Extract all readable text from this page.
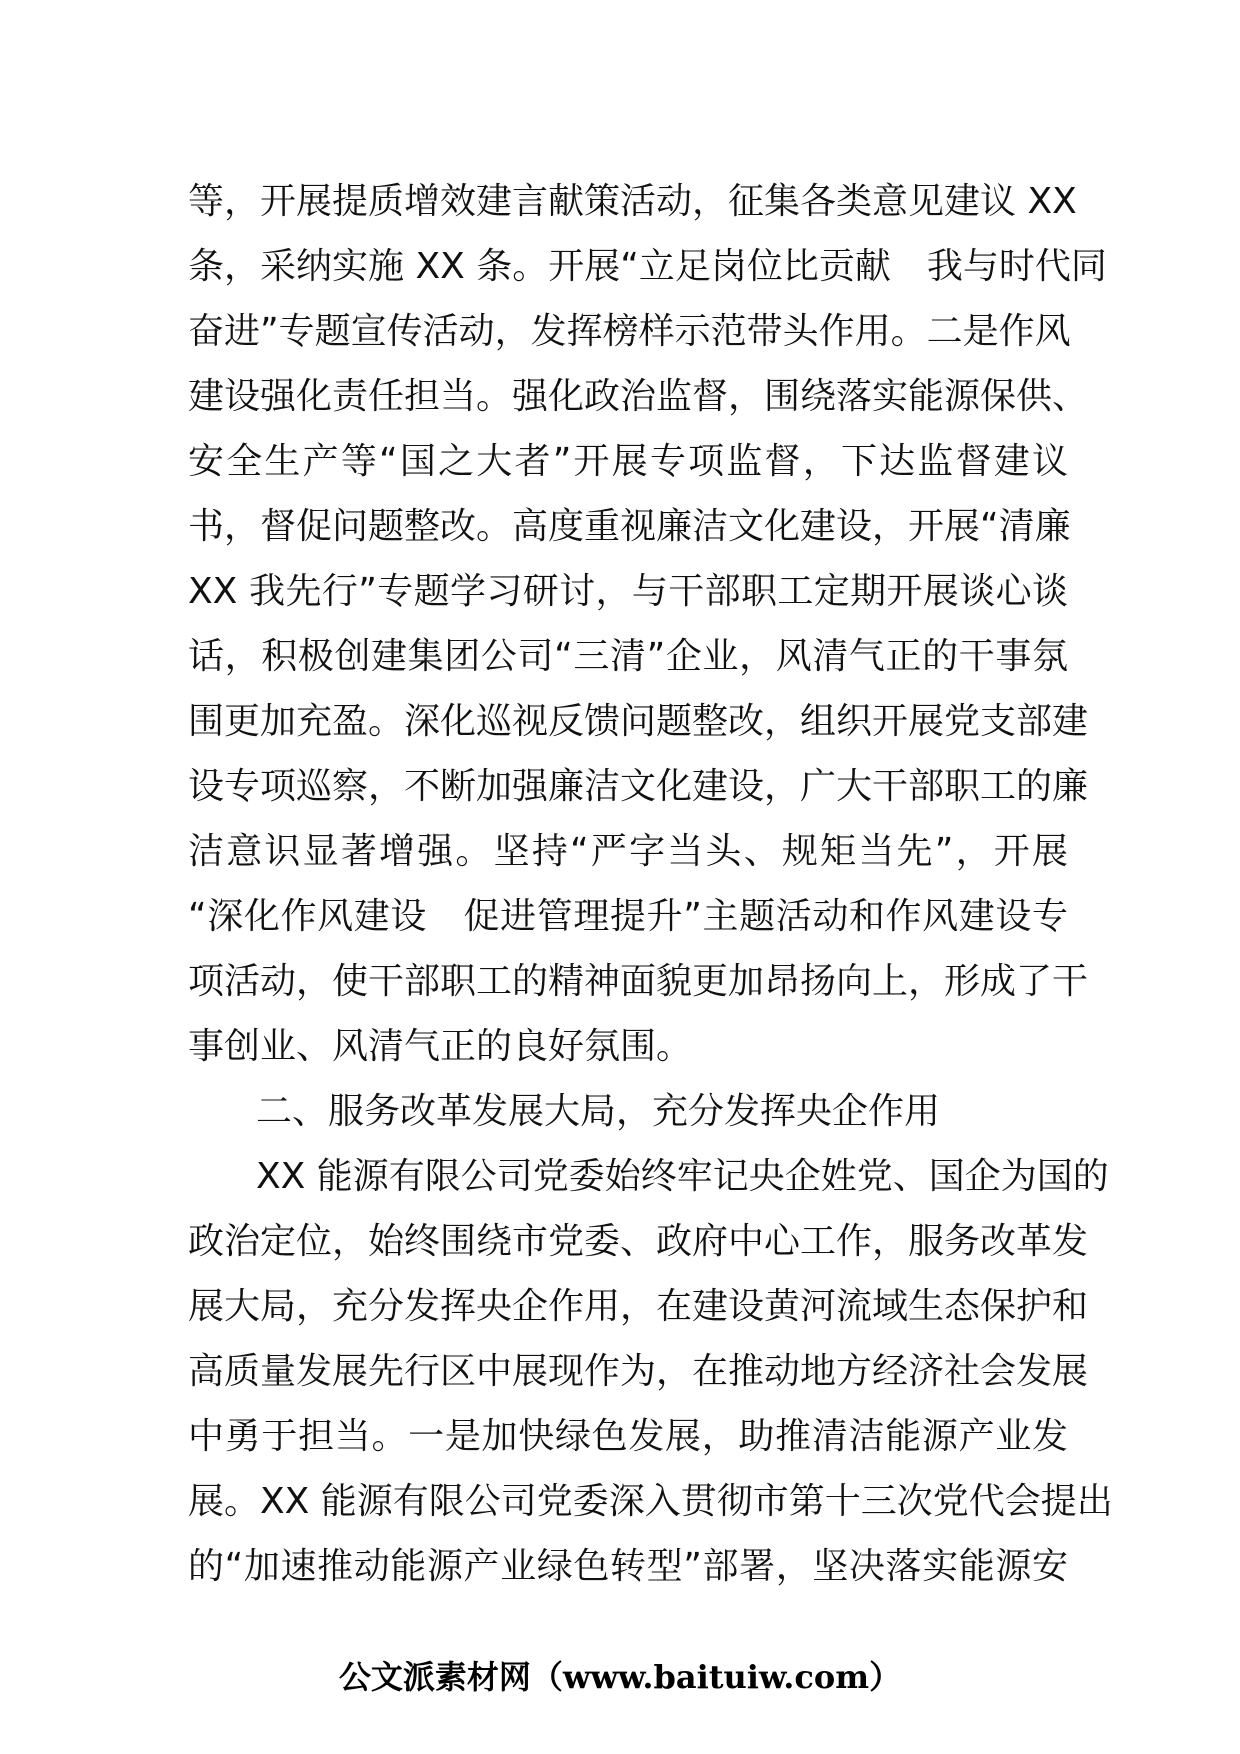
等，开展提质增效建言献策活动，征集各类意见建议 XX
条，采纳实施 XX 条。开展“立足岗位比贡献　我与时代同
奋进”专题宣传活动，发挥榜样示范带头作用。二是作风
建设强化责任担当。强化政治监督，围绕落实能源保供、
安全生产等“国之大者”开展专项监督，下达监督建议
书，督促问题整改。高度重视廉洁文化建设，开展“清廉
XX 我先行”专题学习研讨，与干部职工定期开展谈心谈
话，积极创建集团公司“三清”企业，风清气正的干事氛
围更加充盈。深化巡视反馈问题整改，组织开展党支部建
设专项巡察，不断加强廉洁文化建设，广大干部职工的廉
洁意识显著增强。坚持“严字当头、规矩当先”，开展
“深化作风建设　促进管理提升”主题活动和作风建设专
项活动，使干部职工的精神面貌更加昂扬向上，形成了干
事创业、风清气正的良好氛围。
二、服务改革发展大局，充分发挥央企作用
XX 能源有限公司党委始终牢记央企姓党、国企为国的
政治定位，始终围绕市党委、政府中心工作，服务改革发
展大局，充分发挥央企作用，在建设黄河流域生态保护和
高质量发展先行区中展现作为，在推动地方经济社会发展
中勇于担当。一是加快绿色发展，助推清洁能源产业发
展。XX 能源有限公司党委深入贯彻市第十三次党代会提出
的“加速推动能源产业绿色转型”部署，坚决落实能源安
公文派素材网（www.baituiw.com）
